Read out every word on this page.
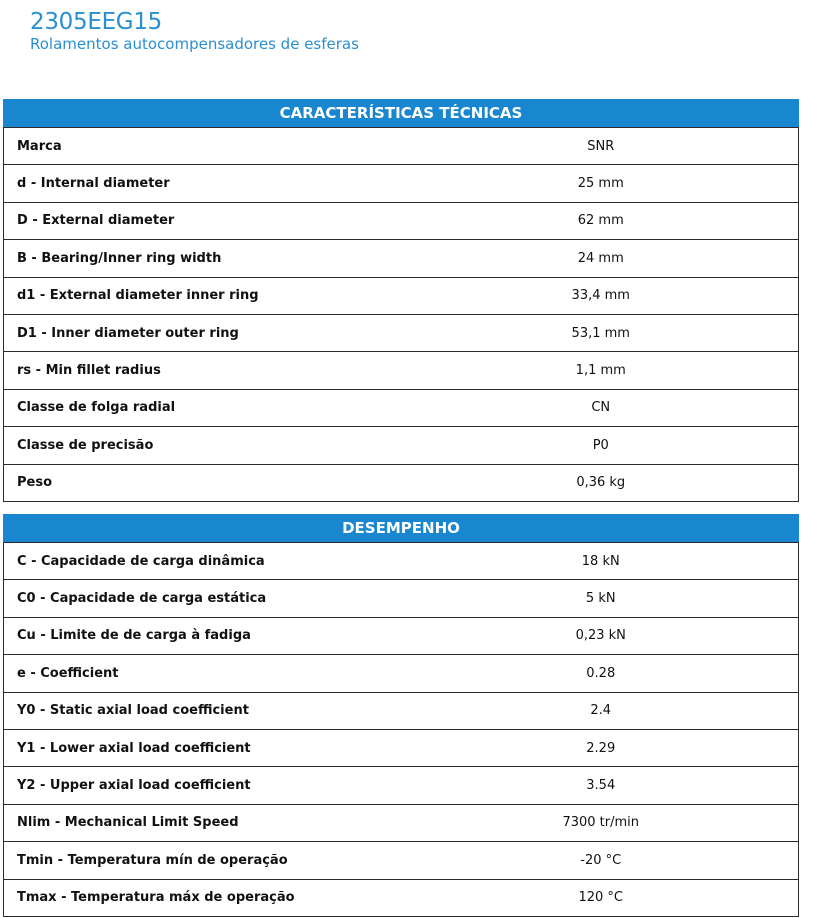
2305EEG15
Rolamentos autocompensadores de esferas
CARACTERÍSTICAS TÉCNICAS
Marca	SNR
d - Internal diameter	25 mm
D - External diameter	62 mm
B - Bearing/Inner ring width	24 mm
d1 - External diameter inner ring	33,4 mm
D1 - Inner diameter outer ring	53,1 mm
rs - Min fillet radius	1,1 mm
Classe de folga radial	CN
Classe de precisão	P0
Peso	0,36 kg
DESEMPENHO
C - Capacidade de carga dinâmica	18 kN
C0 - Capacidade de carga estática	5 kN
Cu - Limite de de carga à fadiga	0,23 kN
e - Coefficient	0.28
Y0 - Static axial load coefficient	2.4
Y1 - Lower axial load coefficient	2.29
Y2 - Upper axial load coefficient	3.54
Nlim - Mechanical Limit Speed	7300 tr/min
Tmin - Temperatura mín de operação	-20 °C
Tmax - Temperatura máx de operação	120 °C
